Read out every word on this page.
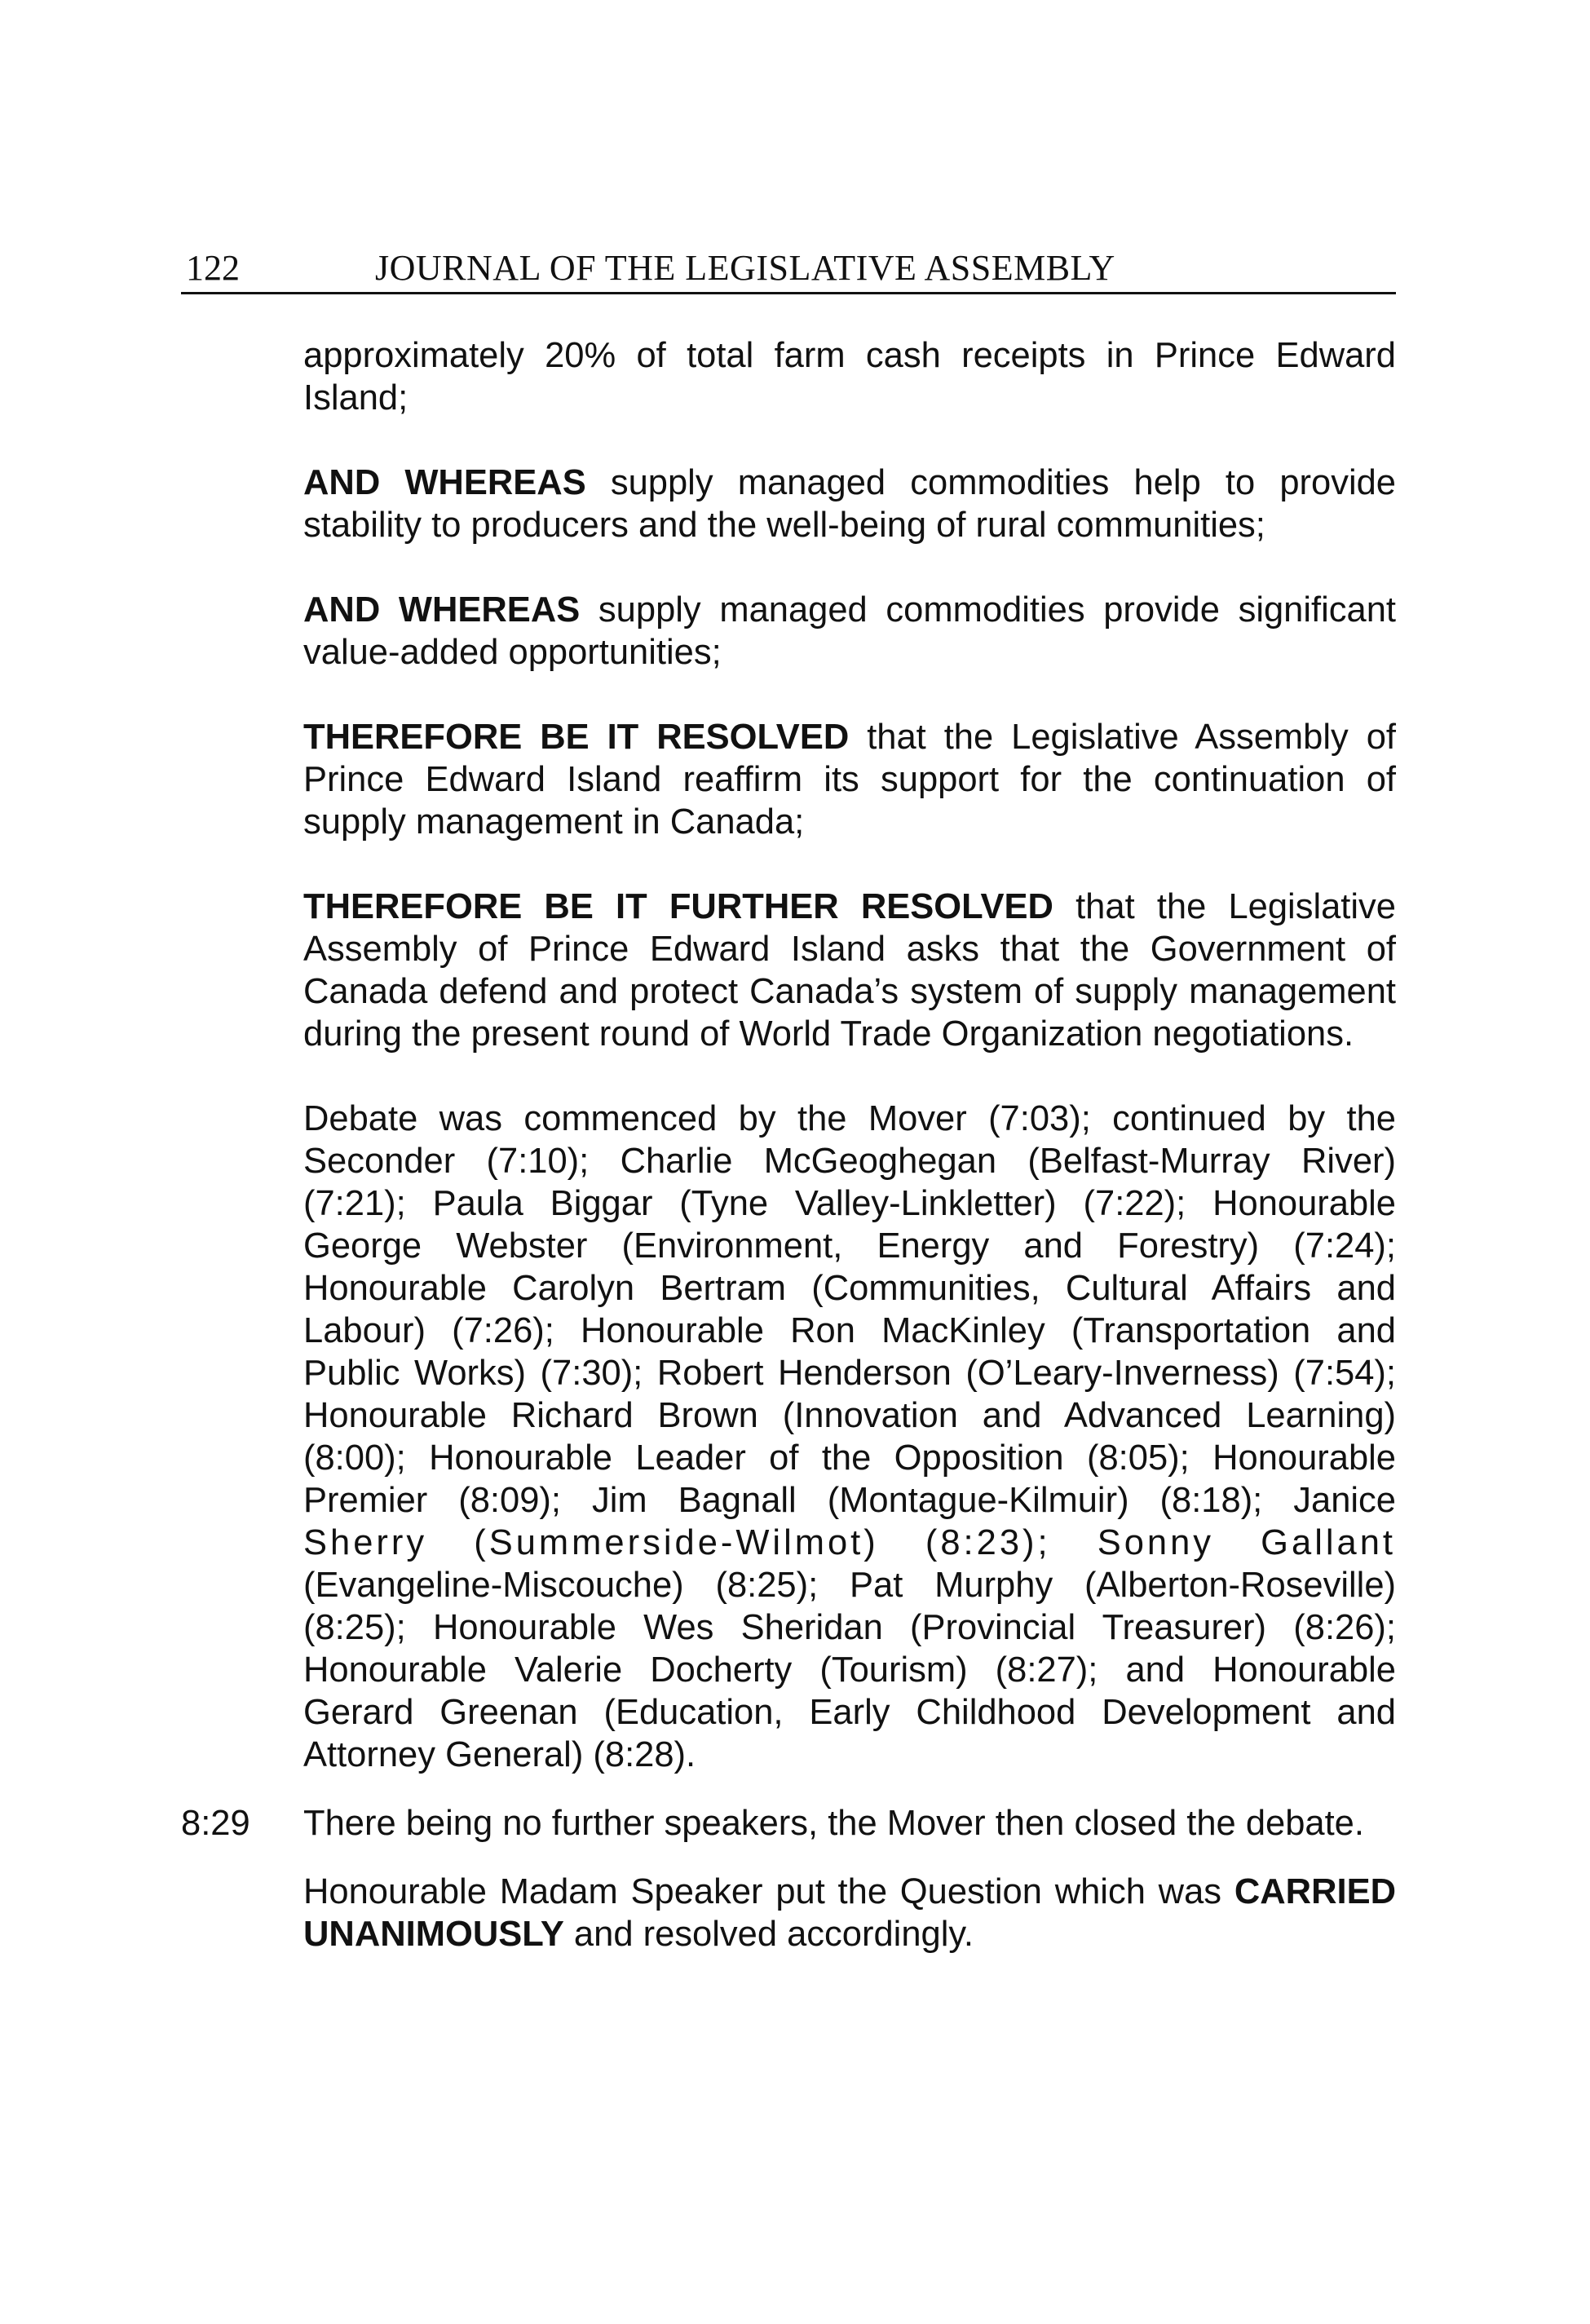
122	JOURNAL OF THE LEGISLATIVE ASSEMBLY

approximately 20% of total farm cash receipts in Prince Edward Island;

AND WHEREAS supply managed commodities help to provide stability to producers and the well-being of rural communities;

AND WHEREAS supply managed commodities provide significant value-added opportunities;

THEREFORE BE IT RESOLVED that the Legislative Assembly of Prince Edward Island reaffirm its support for the continuation of supply management in Canada;

THEREFORE BE IT FURTHER RESOLVED that the Legislative Assembly of Prince Edward Island asks that the Government of Canada defend and protect Canada’s system of supply management during the present round of World Trade Organization negotiations.

Debate was commenced by the Mover (7:03); continued by the Seconder (7:10); Charlie McGeoghegan (Belfast-Murray River) (7:21); Paula Biggar (Tyne Valley-Linkletter) (7:22); Honourable George Webster (Environment, Energy and Forestry) (7:24); Honourable Carolyn Bertram (Communities, Cultural Affairs and Labour) (7:26); Honourable Ron MacKinley (Transportation and Public Works) (7:30); Robert Henderson (O’Leary-Inverness) (7:54); Honourable Richard Brown (Innovation and Advanced Learning) (8:00); Honourable Leader of the Opposition (8:05); Honourable Premier (8:09); Jim Bagnall (Montague-Kilmuir) (8:18); Janice Sherry (Summerside-Wilmot) (8:23); Sonny Gallant (Evangeline-Miscouche) (8:25); Pat Murphy (Alberton-Roseville) (8:25); Honourable Wes Sheridan (Provincial Treasurer) (8:26); Honourable Valerie Docherty (Tourism) (8:27); and Honourable Gerard Greenan (Education, Early Childhood Development and Attorney General) (8:28).

8:29 There being no further speakers, the Mover then closed the debate.

Honourable Madam Speaker put the Question which was CARRIED UNANIMOUSLY and resolved accordingly.
